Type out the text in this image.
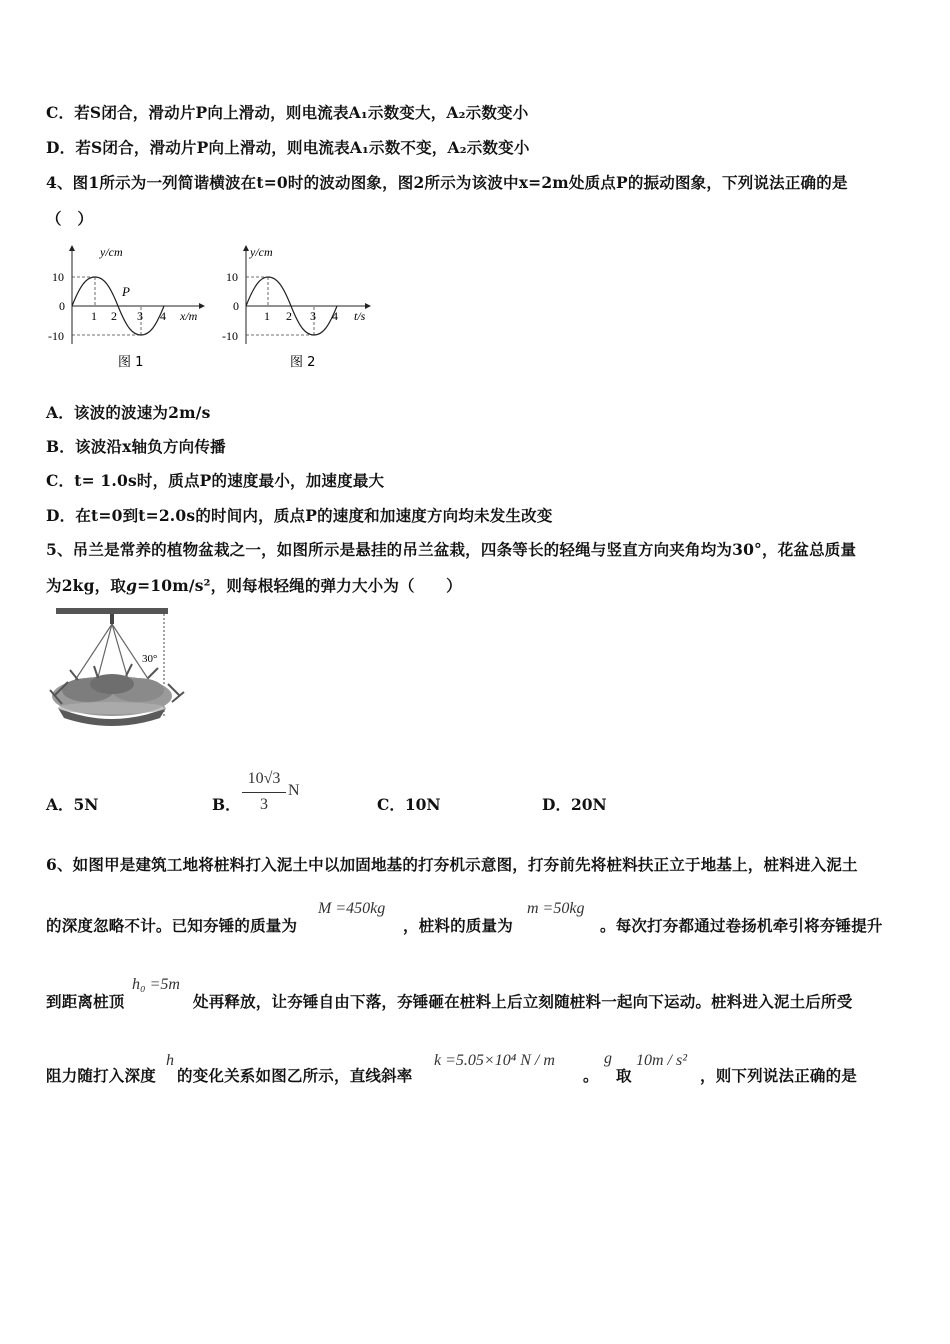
C．若S闭合，滑动片P向上滑动，则电流表A₁示数变大，A₂示数变小
D．若S闭合，滑动片P向上滑动，则电流表A₁示数不变，A₂示数变小
4、图1所示为一列简谐横波在t=0时的波动图象，图2所示为该波中x=2m处质点P的振动图象，下列说法正确的是
（　）
y/cm
10
0
-10
1 2 3 4
P
x/m
图 1
y/cm
10
0
-10
1 2 3 4 t/s
图 2
A．该波的波速为2m/s
B．该波沿x轴负方向传播
C．t= 1.0s时，质点P的速度最小，加速度最大
D．在t=0到t=2.0s的时间内，质点P的速度和加速度方向均未发生改变
5、吊兰是常养的植物盆栽之一，如图所示是悬挂的吊兰盆栽，四条等长的轻绳与竖直方向夹角均为30°，花盆总质量
为2kg，取g=10m/s²，则每根轻绳的弹力大小为（　　）
30°
A．5N	B．
10√3
3
N
C．10N	D．20N
6、如图甲是建筑工地将桩料打入泥土中以加固地基的打夯机示意图，打夯前先将桩料扶正立于地基上，桩料进入泥土
的深度忽略不计。已知夯锤的质量为
M =450kg
，桩料的质量为
m =50kg
。每次打夯都通过卷扬机牵引将夯锤提升
到距离桩顶
h₀ =5m
处再释放，让夯锤自由下落，夯锤砸在桩料上后立刻随桩料一起向下运动。桩料进入泥土后所受
阻力随打入深度
h
的变化关系如图乙所示，直线斜率
k =5.05×10⁴ N / m
。
g
取
10m / s²
，则下列说法正确的是
